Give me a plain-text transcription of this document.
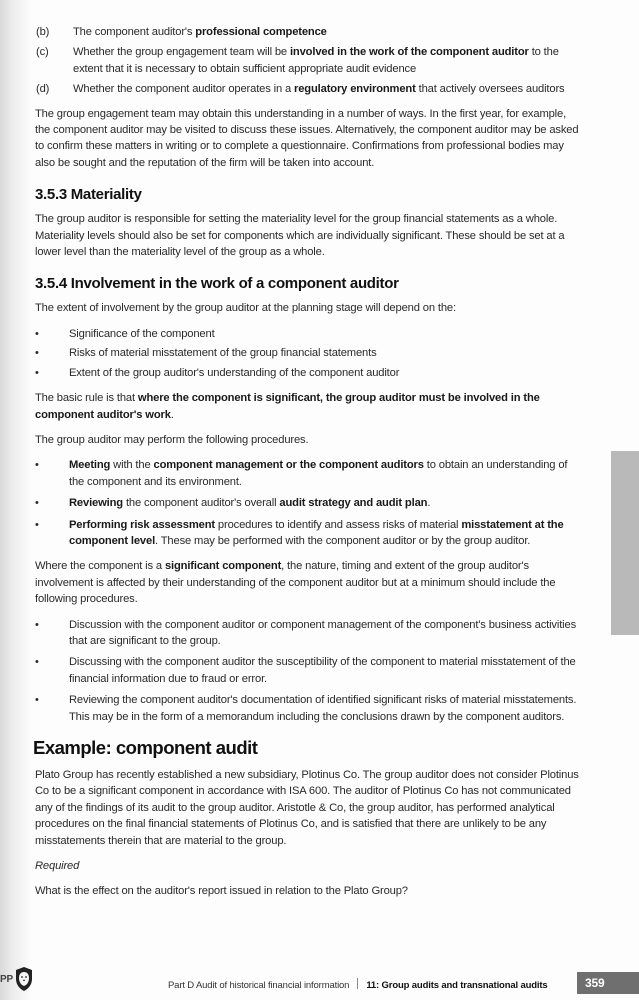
(b)	The component auditor's professional competence
(c)	Whether the group engagement team will be involved in the work of the component auditor to the extent that it is necessary to obtain sufficient appropriate audit evidence
(d)	Whether the component auditor operates in a regulatory environment that actively oversees auditors

The group engagement team may obtain this understanding in a number of ways. In the first year, for example, the component auditor may be visited to discuss these issues. Alternatively, the component auditor may be asked to confirm these matters in writing or to complete a questionnaire. Confirmations from professional bodies may also be sought and the reputation of the firm will be taken into account.

3.5.3 Materiality

The group auditor is responsible for setting the materiality level for the group financial statements as a whole. Materiality levels should also be set for components which are individually significant. These should be set at a lower level than the materiality level of the group as a whole.

3.5.4 Involvement in the work of a component auditor

The extent of involvement by the group auditor at the planning stage will depend on the:

•	Significance of the component
•	Risks of material misstatement of the group financial statements
•	Extent of the group auditor's understanding of the component auditor

The basic rule is that where the component is significant, the group auditor must be involved in the component auditor's work.

The group auditor may perform the following procedures.

•	Meeting with the component management or the component auditors to obtain an understanding of the component and its environment.
•	Reviewing the component auditor's overall audit strategy and audit plan.
•	Performing risk assessment procedures to identify and assess risks of material misstatement at the component level. These may be performed with the component auditor or by the group auditor.

Where the component is a significant component, the nature, timing and extent of the group auditor's involvement is affected by their understanding of the component auditor but at a minimum should include the following procedures.

•	Discussion with the component auditor or component management of the component's business activities that are significant to the group.
•	Discussing with the component auditor the susceptibility of the component to material misstatement of the financial information due to fraud or error.
•	Reviewing the component auditor's documentation of identified significant risks of material misstatements. This may be in the form of a memorandum including the conclusions drawn by the component auditors.
Example: component audit

Plato Group has recently established a new subsidiary, Plotinus Co. The group auditor does not consider Plotinus Co to be a significant component in accordance with ISA 600. The auditor of Plotinus Co has not communicated any of the findings of its audit to the group auditor. Aristotle & Co, the group auditor, has performed analytical procedures on the final financial statements of Plotinus Co, and is satisfied that there are unlikely to be any misstatements therein that are material to the group.

Required

What is the effect on the auditor's report issued in relation to the Plato Group?

PP
Part D Audit of historical financial information 11: Group audits and transnational audits	359
